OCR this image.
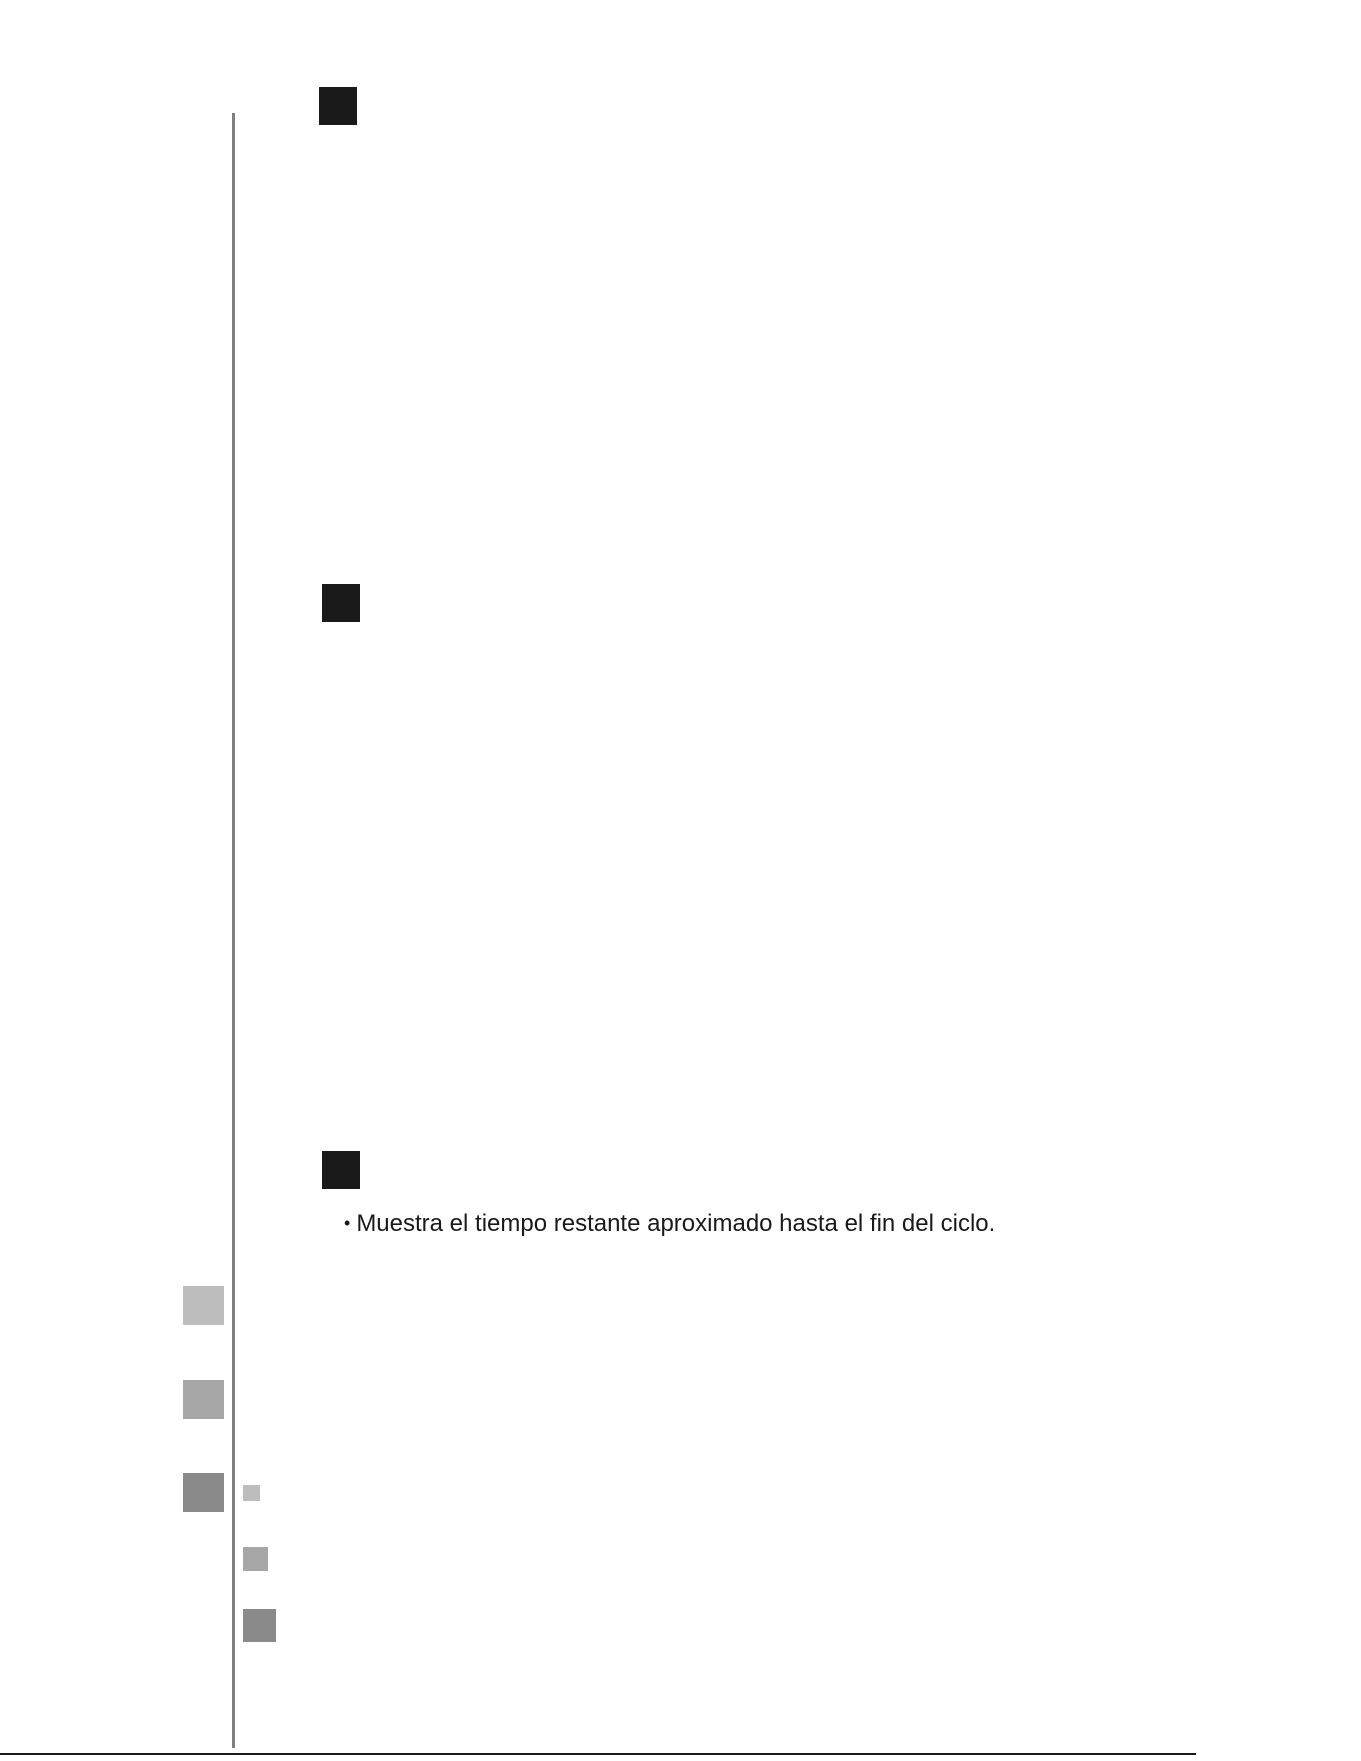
• Muestra el tiempo restante aproximado hasta el fin del ciclo.
